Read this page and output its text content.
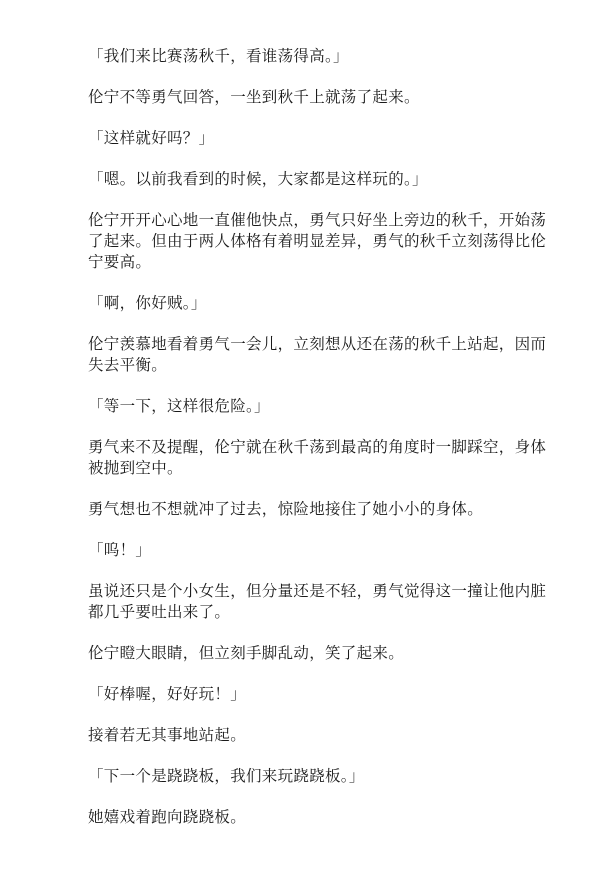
「我们来比赛荡秋千，看谁荡得高。」

伦宁不等勇气回答，一坐到秋千上就荡了起来。

「这样就好吗？」

「嗯。以前我看到的时候，大家都是这样玩的。」

伦宁开开心心地一直催他快点，勇气只好坐上旁边的秋千，开始荡了起来。但由于两人体格有着明显差异，勇气的秋千立刻荡得比伦宁要高。

「啊，你好贼。」

伦宁羡慕地看着勇气一会儿，立刻想从还在荡的秋千上站起，因而失去平衡。

「等一下，这样很危险。」

勇气来不及提醒，伦宁就在秋千荡到最高的角度时一脚踩空，身体被抛到空中。

勇气想也不想就冲了过去，惊险地接住了她小小的身体。

「呜！」

虽说还只是个小女生，但分量还是不轻，勇气觉得这一撞让他内脏都几乎要吐出来了。

伦宁瞪大眼睛，但立刻手脚乱动，笑了起来。

「好棒喔，好好玩！」

接着若无其事地站起。

「下一个是跷跷板，我们来玩跷跷板。」

她嬉戏着跑向跷跷板。
